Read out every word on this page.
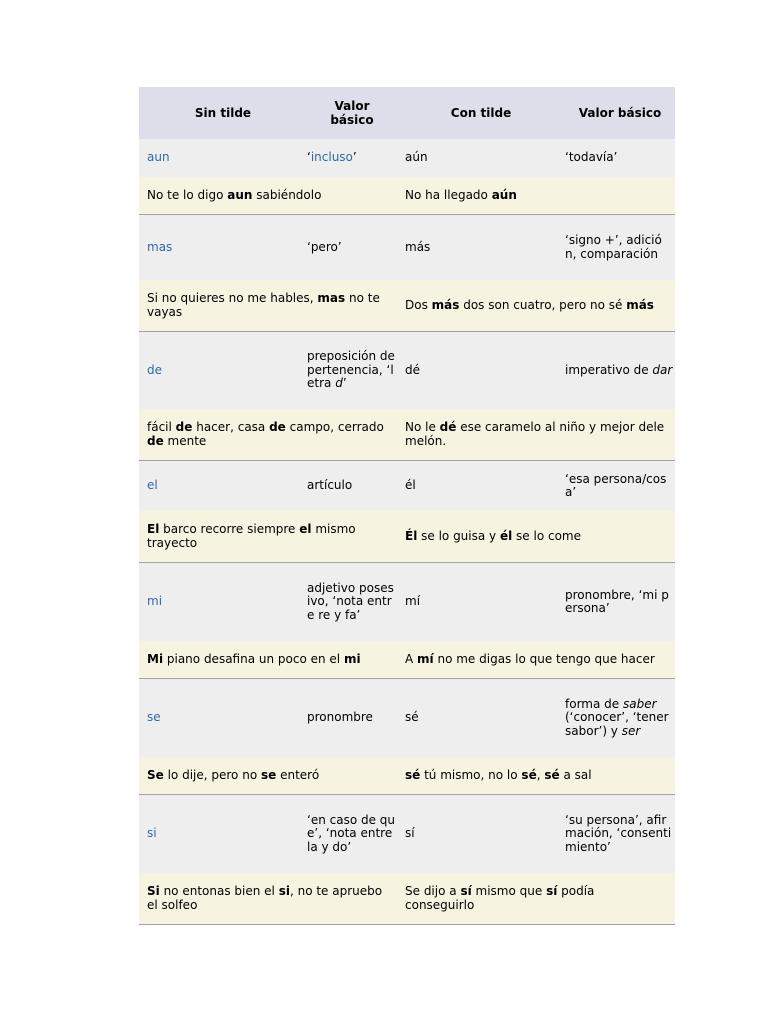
Sin tilde	Valor básico	Con tilde	Valor básico
aun	‘incluso’	aún	‘todavía’
No te lo digo aun sabiéndolo		No ha llegado aún	
mas	‘pero’	más	‘signo +’, adición, comparación
Si no quieres no me hables, mas no te vayas		Dos más dos son cuatro, pero no sé más	
de	preposición de pertenencia, ‘letra d’	dé	imperativo de dar
fácil de hacer, casa de campo, cerrado de mente		No le dé ese caramelo al niño y mejor dele melón.	
el	artículo	él	‘esa persona/cosa’
El barco recorre siempre el mismo trayecto		Él se lo guisa y él se lo come	
mi	adjetivo posesivo, ‘nota entre re y fa’	mí	pronombre, ‘mi persona’
Mi piano desafina un poco en el mi		A mí no me digas lo que tengo que hacer	
se	pronombre	sé	forma de saber (‘conocer’, ‘tener sabor’) y ser
Se lo dije, pero no se enteró		sé tú mismo, no lo sé, sé a sal	
si	‘en caso de que’, ‘nota entre la y do’	sí	‘su persona’, afirmación, ‘consentimiento’
Si no entonas bien el si, no te apruebo el solfeo		Se dijo a sí mismo que sí podía conseguirlo	
